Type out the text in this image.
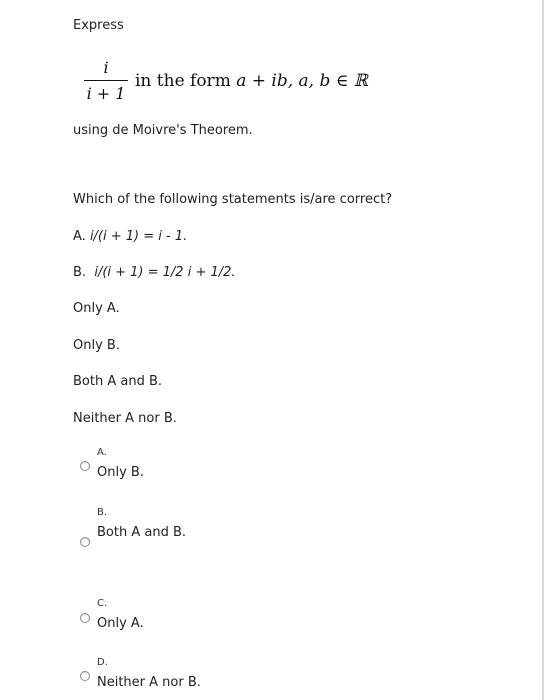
Express
i
i + 1
in the form a + ib, a, b ∈ ℝ
using de Moivre's Theorem.
Which of the following statements is/are correct?
A. i/(i + 1) = i - 1.
B. i/(i + 1) = 1/2 i + 1/2.
Only A.
Only B.
Both A and B.
Neither A nor B.
A.
Only B.
B.
Both A and B.
C.
Only A.
D.
Neither A nor B.
